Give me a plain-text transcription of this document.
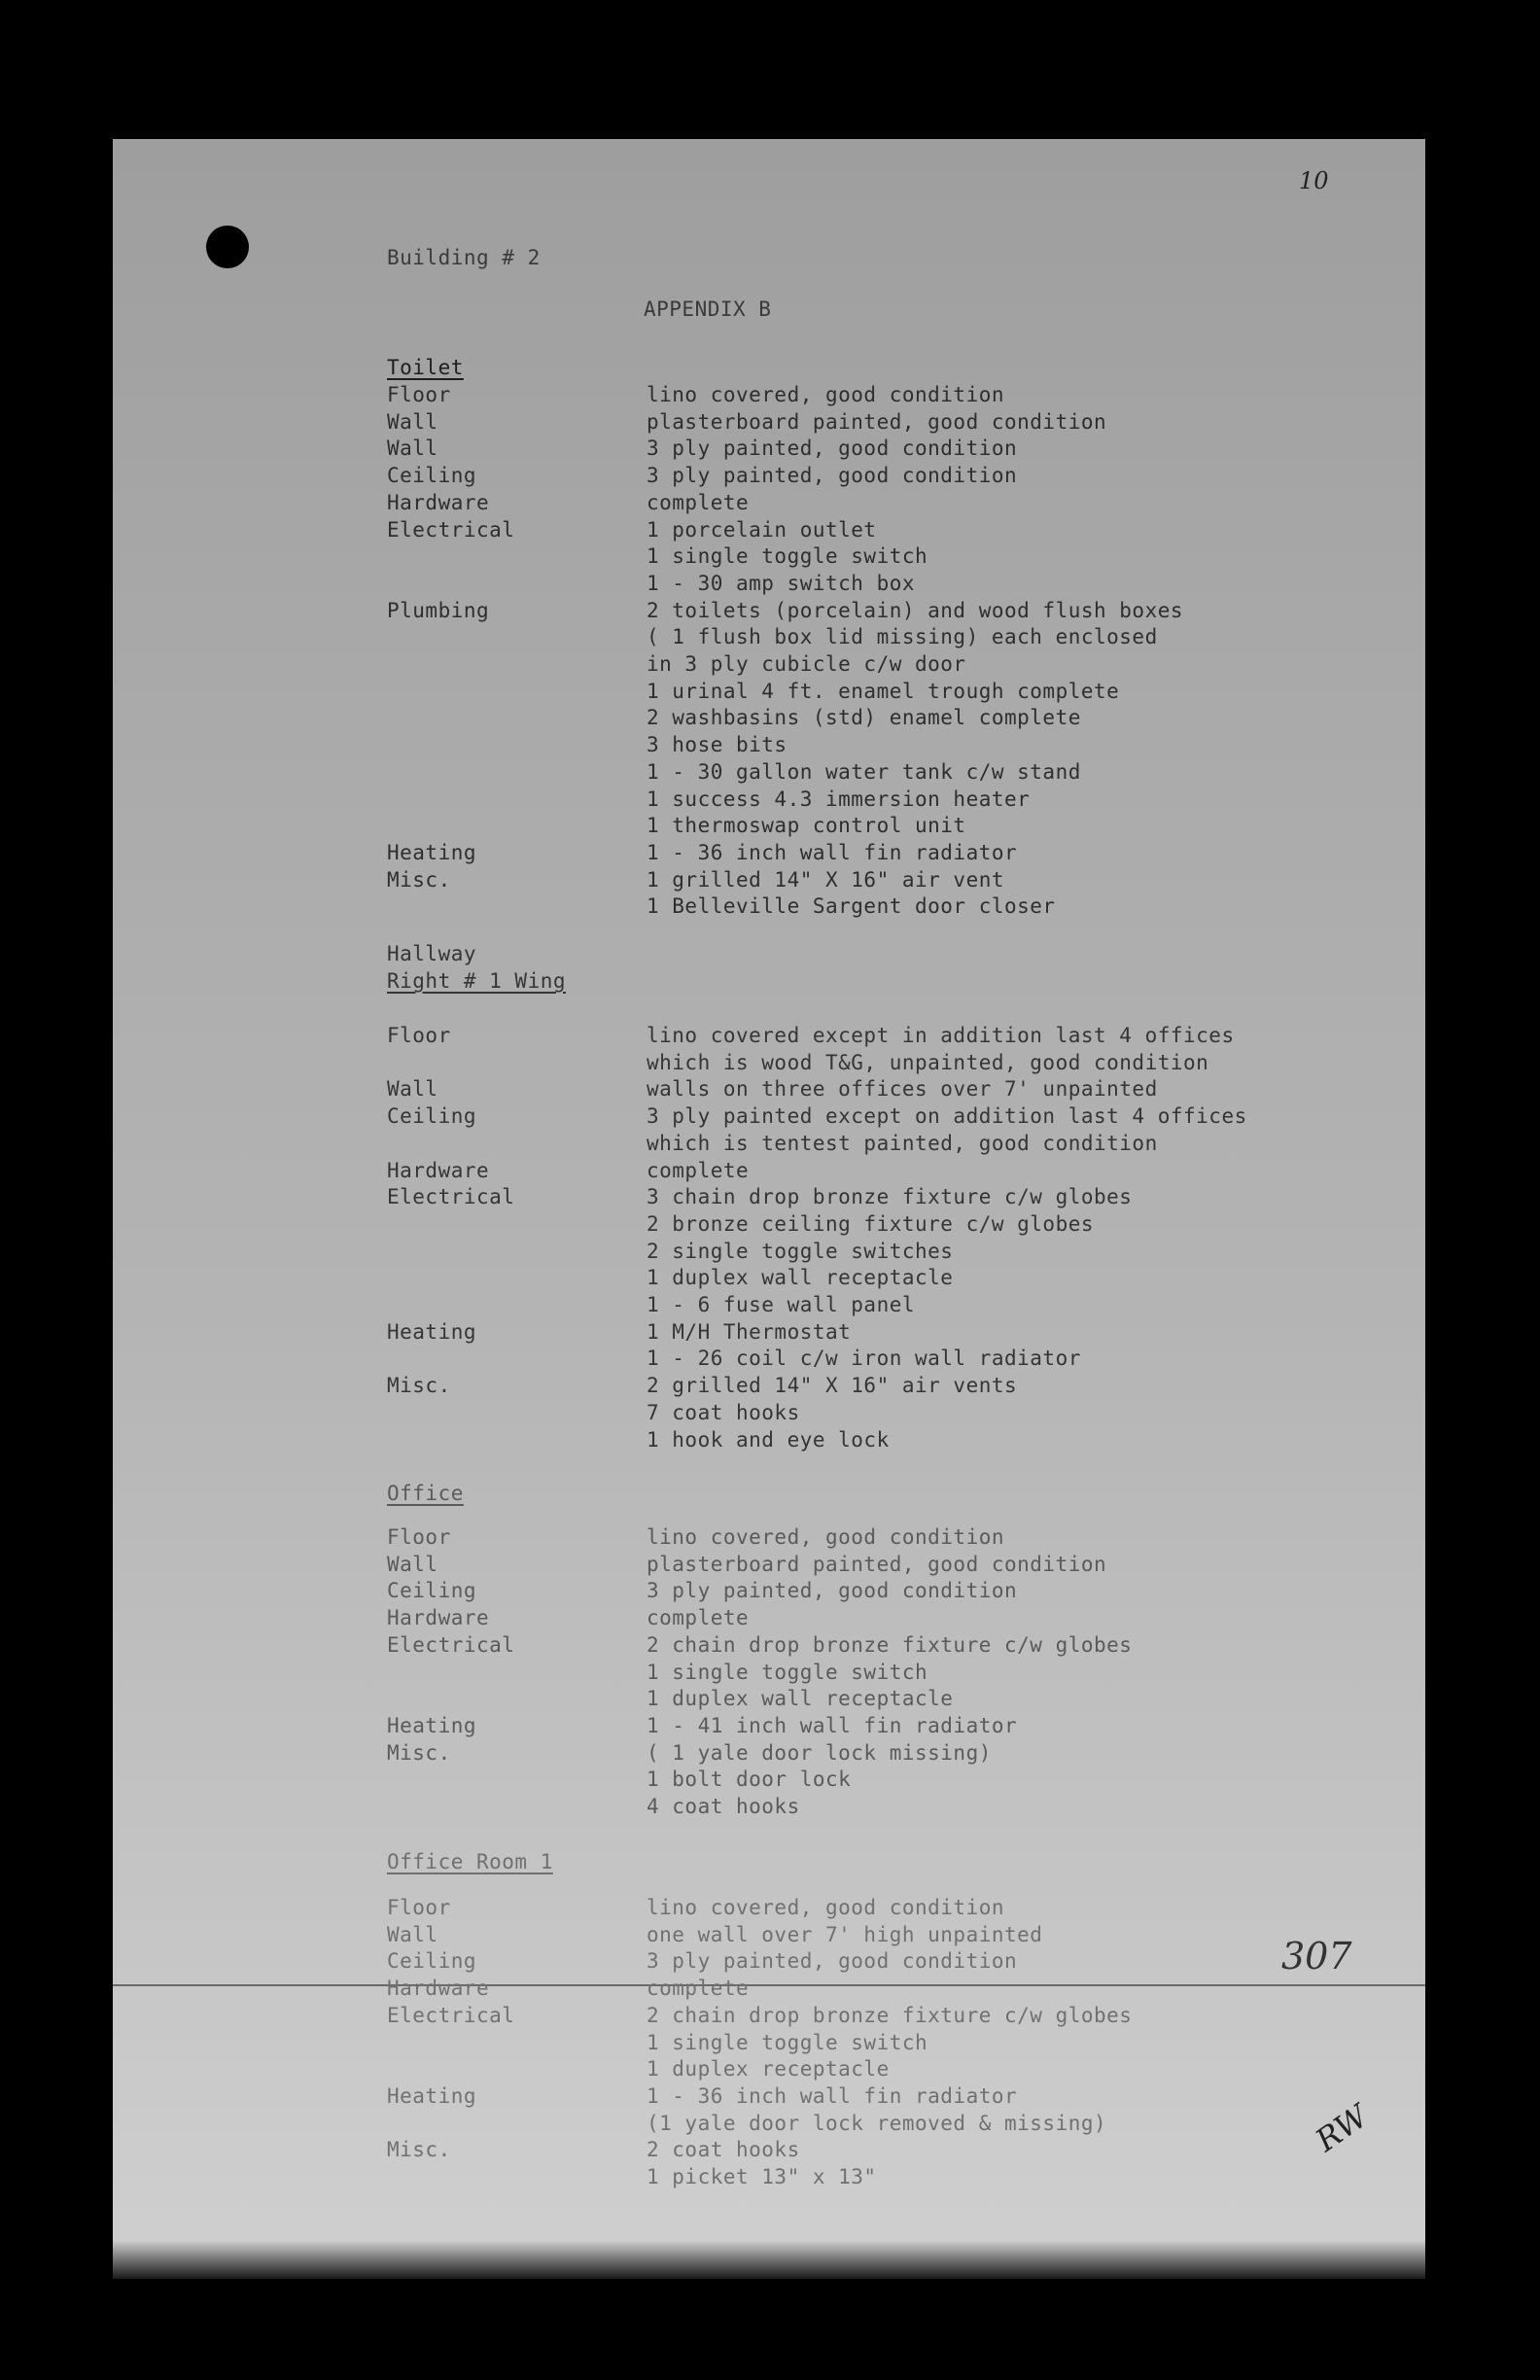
10
Building # 2
APPENDIX B
Toilet
Floor	lino covered, good condition
Wall	plasterboard painted, good condition
Wall	3 ply painted, good condition
Ceiling	3 ply painted, good condition
Hardware	complete
Electrical	1 porcelain outlet
1 single toggle switch
1 - 30 amp switch box
Plumbing	2 toilets (porcelain) and wood flush boxes
( 1 flush box lid missing) each enclosed
in 3 ply cubicle c/w door
1 urinal 4 ft. enamel trough complete
2 washbasins (std) enamel complete
3 hose bits
1 - 30 gallon water tank c/w stand
1 success 4.3 immersion heater
1 thermoswap control unit
Heating	1 - 36 inch wall fin radiator
Misc.	1 grilled 14" X 16" air vent
1 Belleville Sargent door closer
Hallway
Right # 1 Wing
Floor	lino covered except in addition last 4 offices
which is wood T&G, unpainted, good condition
Wall	walls on three offices over 7' unpainted
Ceiling	3 ply painted except on addition last 4 offices
which is tentest painted, good condition
Hardware	complete
Electrical	3 chain drop bronze fixture c/w globes
2 bronze ceiling fixture c/w globes
2 single toggle switches
1 duplex wall receptacle
1 - 6 fuse wall panel
Heating	1 M/H Thermostat
1 - 26 coil c/w iron wall radiator
Misc.	2 grilled 14" X 16" air vents
7 coat hooks
1 hook and eye lock
Office
Floor	lino covered, good condition
Wall	plasterboard painted, good condition
Ceiling	3 ply painted, good condition
Hardware	complete
Electrical	2 chain drop bronze fixture c/w globes
1 single toggle switch
1 duplex wall receptacle
Heating	1 - 41 inch wall fin radiator
Misc.	( 1 yale door lock missing)
1 bolt door lock
4 coat hooks
Office Room 1
Floor	lino covered, good condition
Wall	one wall over 7' high unpainted
Ceiling	3 ply painted, good condition
Hardware	complete
Electrical	2 chain drop bronze fixture c/w globes
1 single toggle switch
1 duplex receptacle
Heating	1 - 36 inch wall fin radiator
(1 yale door lock removed & missing)
Misc.	2 coat hooks
1 picket 13" x 13"
307
RW
